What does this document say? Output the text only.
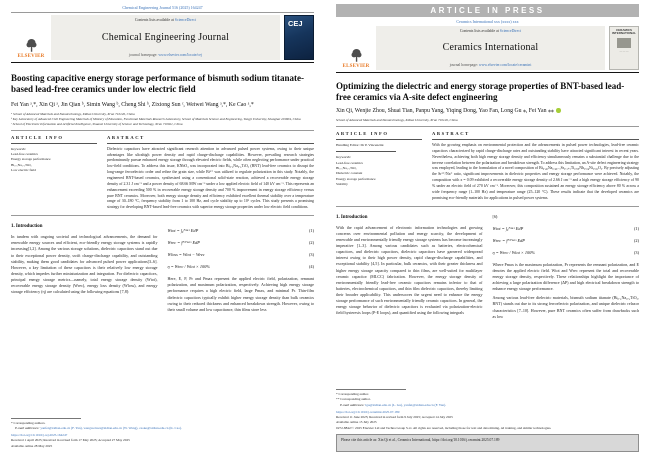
Chemical Engineering Journal 516 (2025) 164247
ELSEVIER
Contents lists available at ScienceDirect
Chemical Engineering Journal
journal homepage: www.elsevier.com/locate/cej
CEJ
Boosting capacitive energy storage performance of bismuth sodium titanate-based lead-free ceramics under low electric field
Fei Yan ᵃ,*, Xin Qi ᵃ, Jin Qian ᵇ, Simin Wang ᵇ, Cheng Shi ᵇ, Zixiong Sun ᶜ, Weiwei Wang ᵃ,*, Ke Cao ᵃ,*
ᵃ School of Advanced Materials and Nanotechnology, Xidian University, Xi'an 710126, China
ᵇ Key Laboratory of Advanced Civil Engineering Materials of Ministry of Education, Functional Materials Research Laboratory, School of Materials Science and Engineering, Tongji University, Shanghai 201804, China
ᶜ School of Electronic Information and Artificial Intelligence, Shaanxi University of Science and Technology, Xi'an 710021, China
ARTICLE INFO
Keywords:
Lead-free ceramics
Energy storage performance
Bi₀.₅Na₀.₅TiO₃
Low electric field
ABSTRACT
Dielectric capacitors have attracted significant research attention in advanced pulsed power systems, owing to their unique advantages like ultrahigh power density and rapid charge-discharge capabilities. However, prevailing research strategies predominantly pursue enhanced energy storage through elevated electric fields, while often neglecting performance under practical low-field conditions. To address this issue, KNbO₃ was incorporated into Bi₀.₅Na₀.₅TiO₃ (BNT) lead-free ceramics to disrupt the long-range ferroelectric order and refine the grain size, while Bi³⁺ was utilized to regulate polarization in this study. Notably, the engineered BNT-based ceramics, synthesized using a conventional solid-state reaction, achieved a recoverable energy storage density of 2.31 J cm⁻³ and a power density of 68.66 MW cm⁻³ under a low applied electric field of 140 kV cm⁻¹. This represents an enhancement exceeding 500 % in recoverable energy storage density and 700 % improvement in energy storage efficiency versus pure BNT ceramics. Moreover, both energy storage density and efficiency exhibited excellent thermal stability over a temperature range of 30–180 °C, frequency stability from 1 to 100 Hz, and cycle stability up to 10⁵ cycles. This study presents a promising strategy for developing BNT-based lead-free ceramics with superior energy storage properties under low electric field conditions.
1. Introduction
In tandem with ongoing societal and technological advancements, the demand for renewable energy sources and efficient, eco-friendly energy storage systems is rapidly increasing[1,2]. Among the various storage solutions, dielectric capacitors stand out due to their exceptional power density, swift charge-discharge capability, and outstanding stability, making them good candidates for advanced pulsed power applications[3–6]. However, a key limitation of these capacitors is their relatively low energy storage density, which impedes further miniaturization and integration. For dielectric capacitors, principal energy storage metrics—namely, total energy storage density (Wtot), recoverable energy storage density (Wrec), energy loss density (Wloss), and energy storage efficiency (η) are calculated using the following equations [7,8]:
Wtot = ∫₀ᴾᵐᵃˣ EdP	(1)
Wrec = ∫ᴾʳᴾᵐᵃˣ EdP	(2)
Wloss = Wtot − Wrec	(3)
η = Wrec / Wtot × 100%	(4)
Here, E, P, Pr and Pmax represent the applied electric field, polarization, remnant polarization, and maximum polarization, respectively. Achieving high energy storage performance requires a high electric field, large Pmax, and minimal Pr. Thin-film dielectric capacitors typically exhibit higher energy storage density than bulk ceramics owing to their reduced thickness and enhanced breakdown strength. However, owing to their small volume and low capacitance, thin films store less
* Corresponding authors.
E-mail addresses: yanfei@xidian.edu.cn (F. Yan), wangweiwei@xidian.edu.cn (W. Wang), caoke@xidian.edu.cn (K. Cao).
https://doi.org/10.1016/j.cej.2025.164247
Received 1 April 2025; Received in revised form 17 May 2025; Accepted 27 May 2025
Available online 28 May 2025
ARTICLE IN PRESS
Ceramics International xxx (xxxx) xxx
ELSEVIER
Contents lists available at ScienceDirect
Ceramics International
journal homepage: www.elsevier.com/locate/ceramint
CERAMICS INTERNATIONAL
— — —
Optimizing the dielectric and energy storage properties of BNT-based lead-free ceramics via A-site defect engineering
Xin Qi, Wenjie Zhou, Shuai Tian, Panpu Yang, Yiqing Dong, Yao Fan, Long Gu ⁎, Fei Yan ⁎⁎
School of Advanced Materials and Nanotechnology, Xidian University, Xi'an 710126, China
ARTICLE INFO
Handling Editor: Dr P. Vincenzini
Keywords:
Lead-free ceramics
Bi₀.₅Na₀.₅TiO₃
Dielectric constant
Energy storage performance
Stability
ABSTRACT
With the growing emphasis on environmental protection and the advancements in pulsed power technologies, lead-free ceramic capacitors characterized by rapid charge-discharge rates and outstanding stability have attracted significant interest in recent years. Nevertheless, achieving both high energy storage density and efficiency simultaneously remains a substantial challenge due to the inverse correlation between the polarization and breakdown strength. To address this limitation, an A-site defect engineering strategy was employed, leading to the formulation of a novel composition of Bi₀.₄₈Na₀.₄₈₋ₓSr₀.₁₊ₓTi₀.₈₉Nb₀.₀₄Ni₀.₀₆O₃. By precisely adjusting the Sr²⁺/Na⁺ ratio, significant improvements in dielectric properties and energy storage performance were achieved. Notably, the composition with x = 0.09 exhibited a recoverable energy storage density of 2.66 J cm⁻³ and a high energy storage efficiency of 90 % under an electric field of 270 kV cm⁻¹. Moreover, this composition sustained an energy storage efficiency above 80 % across a wide frequency range (1–100 Hz) and temperature range (25–120 °C). These results indicate that the developed ceramics are promising eco-friendly materials for applications in pulsed power systems.
1. Introduction
With the rapid advancement of electronic information technologies and growing concerns over environmental pollution and energy scarcity, the development of renewable and environmentally friendly energy storage systems has become increasingly imperative [1–3]. Among various candidates such as batteries, electrochemical capacitors, and dielectric capacitors, dielectric capacitors have garnered widespread interest owing to their high power density, rapid charge-discharge capabilities, and exceptional stability [4,5]. In particular, bulk ceramics, with their greater thickness and higher energy storage capacity compared to thin films, are well-suited for multilayer ceramic capacitor (MLCC) fabrication. However, the energy storage density of environmentally friendly lead-free ceramic capacitors remains inferior to that of batteries, electrochemical capacitors, and thin film dielectric capacitors, thereby limiting their broader applicability. This underscores the urgent need to enhance the energy storage performance of such environmentally friendly ceramic capacitors. In general, the energy storage behavior of dielectric capacitors is evaluated via polarization-electric field hysteresis loops (P-E loops), and quantified using the following integrals
[6]:
Wtot = ∫₀ᴾᵐᵃˣ EdP	(1)
Wrec = ∫ᴾʳᴾᵐᵃˣ EdP	(2)
η = Wrec / Wtot × 100%	(3)
Where Pmax is the maximum polarization, Pr represents the remnant polarization, and E denotes the applied electric field. Wtot and Wrec represent the total and recoverable energy storage density, respectively. These relationships highlight the importance of achieving a large polarization difference (ΔP) and high electrical breakdown strength to enhance energy storage performance.
Among various lead-free dielectric materials, bismuth sodium titanate (Bi₀.₅Na₀.₅TiO₃, BNT) stands out due to its strong ferroelectric polarization, and unique dielectric relaxor characteristics [7–10]. However, pure BNT ceramics often suffer from drawbacks such as low
* Corresponding author.
** Corresponding author.
E-mail addresses: lgu@xidian.edu.cn (L. Gu), yanfei@xidian.edu.cn (F. Yan).
https://doi.org/10.1016/j.ceramint.2025.07.189
Received 11 June 2025; Received in revised form 9 July 2025; Accepted 14 July 2025
Available online 15 July 2025
0272-8842/© 2025 Elsevier Ltd and Techna Group S.r.l. All rights are reserved, including those for text and data mining, AI training, and similar technologies.
Please cite this article as: Xin Qi et al., Ceramics International, https://doi.org/10.1016/j.ceramint.2025.07.189
